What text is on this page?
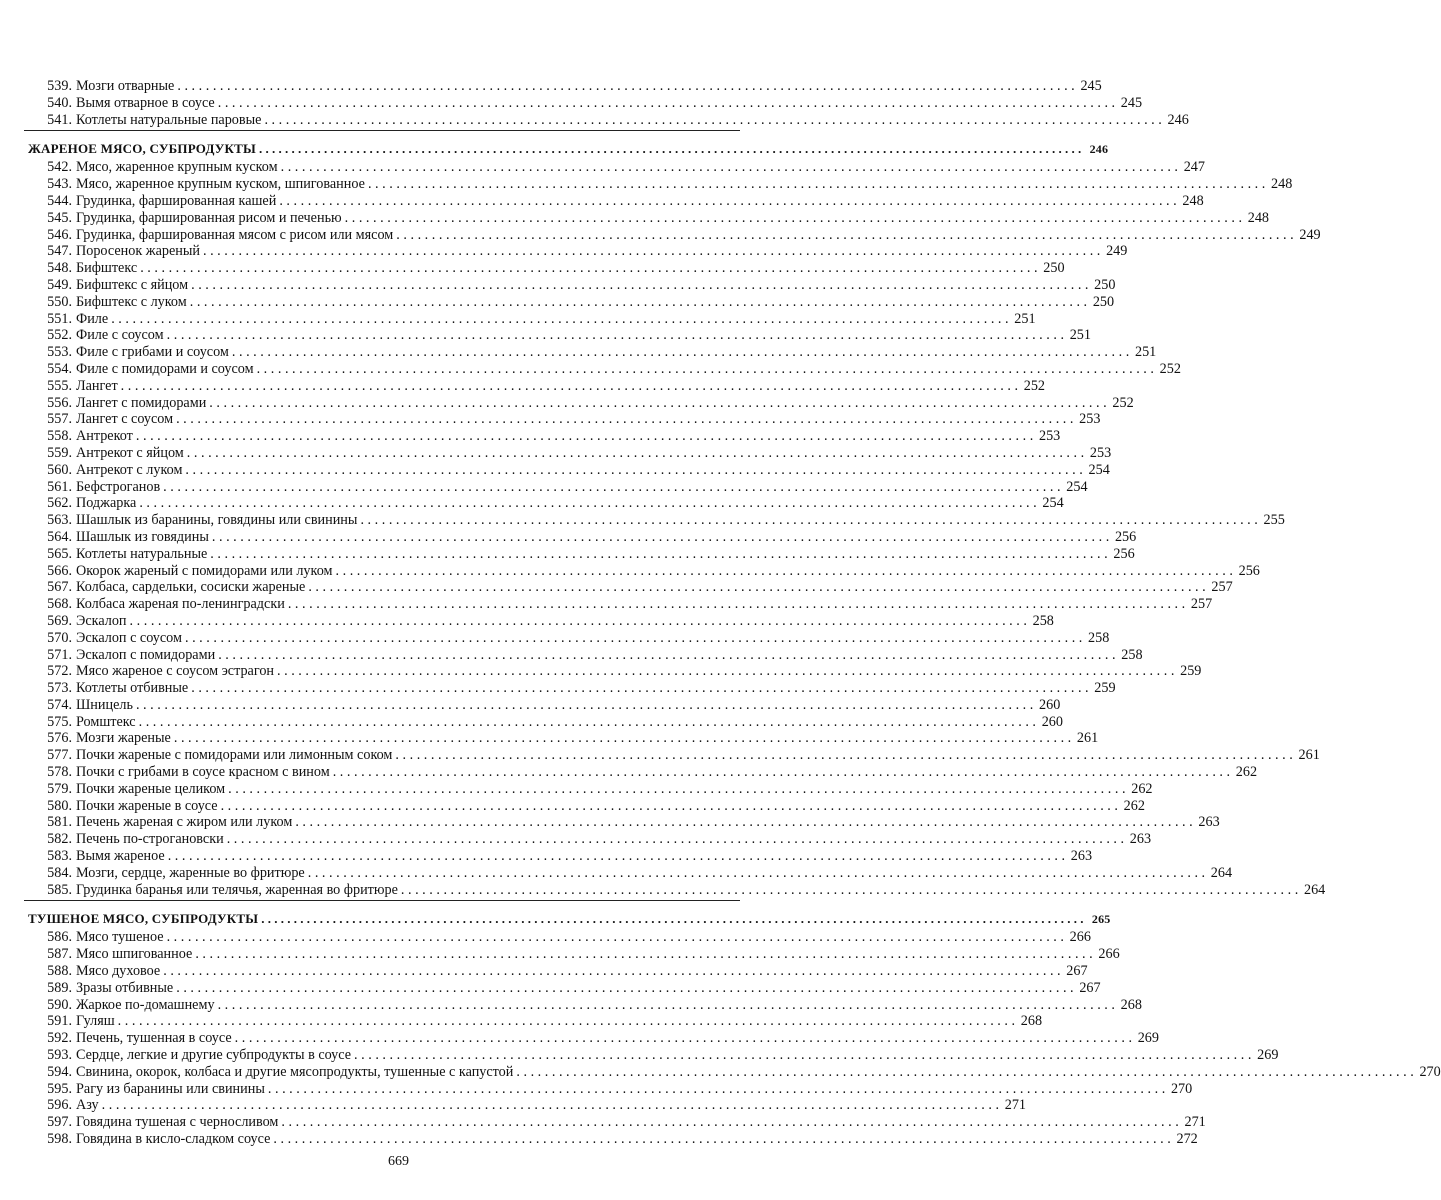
539. Мозги отварные . . .	245
540. Вымя отварное в соусе . . .	245
541. Котлеты натуральные паровые . . .	246
ЖАРЕНОЕ МЯСО, СУБПРОДУКТЫ . . .	246
542. Мясо, жаренное крупным куском . . .	247
543. Мясо, жаренное крупным куском, шпигованное . . .	248
544. Грудинка, фаршированная кашей . . .	248
545. Грудинка, фаршированная рисом и печенью . . .	248
546. Грудинка, фаршированная мясом с рисом или мясом . . .	249
547. Поросенок жареный . . .	249
548. Бифштекс . . .	250
549. Бифштекс с яйцом . . .	250
550. Бифштекс с луком . . .	250
551. Филе . . .	251
552. Филе с соусом . . .	251
553. Филе с грибами и соусом . . .	251
554. Филе с помидорами и соусом . . .	252
555. Лангет . . .	252
556. Лангет с помидорами . . .	252
557. Лангет с соусом . . .	253
558. Антрекот . . .	253
559. Антрекот с яйцом . . .	253
560. Антрекот с луком . . .	254
561. Бефстроганов . . .	254
562. Поджарка . . .	254
563. Шашлык из баранины, говядины или свинины . . .	255
564. Шашлык из говядины . . .	256
565. Котлеты натуральные . . .	256
566. Окорок жареный с помидорами или луком . . .	256
567. Колбаса, сардельки, сосиски жареные . . .	257
568. Колбаса жареная по-ленинградски . . .	257
569. Эскалоп . . .	258
570. Эскалоп с соусом . . .	258
571. Эскалоп с помидорами . . .	258
572. Мясо жареное с соусом эстрагон . . .	259
573. Котлеты отбивные . . .	259
574. Шницель . . .	260
575. Ромштекс . . .	260
576. Мозги жареные . . .	261
577. Почки жареные с помидорами или лимонным соком . . .	261
578. Почки с грибами в соусе красном с вином . . .	262
579. Почки жареные целиком . . .	262
580. Почки жареные в соусе . . .	262
581. Печень жареная с жиром или луком . . .	263
582. Печень по-строгановски . . .	263
583. Вымя жареное . . .	263
584. Мозги, сердце, жаренные во фритюре . . .	264
585. Грудинка баранья или телячья, жаренная во фритюре . . .	264
ТУШЕНОЕ МЯСО, СУБПРОДУКТЫ . . .	265
586. Мясо тушеное . . .	266
587. Мясо шпигованное . . .	266
588. Мясо духовое . . .	267
589. Зразы отбивные . . .	267
590. Жаркое по-домашнему . . .	268
591. Гуляш . . .	268
592. Печень, тушенная в соусе . . .	269
593. Сердце, легкие и другие субпродукты в соусе . . .	269
594. Свинина, окорок, колбаса и другие мясопродукты, тушенные с капустой . . .	270
595. Рагу из баранины или свинины . . .	270
596. Азу . . .	271
597. Говядина тушеная с черносливом . . .	271
598. Говядина в кисло-сладком соусе . . .	272
669
